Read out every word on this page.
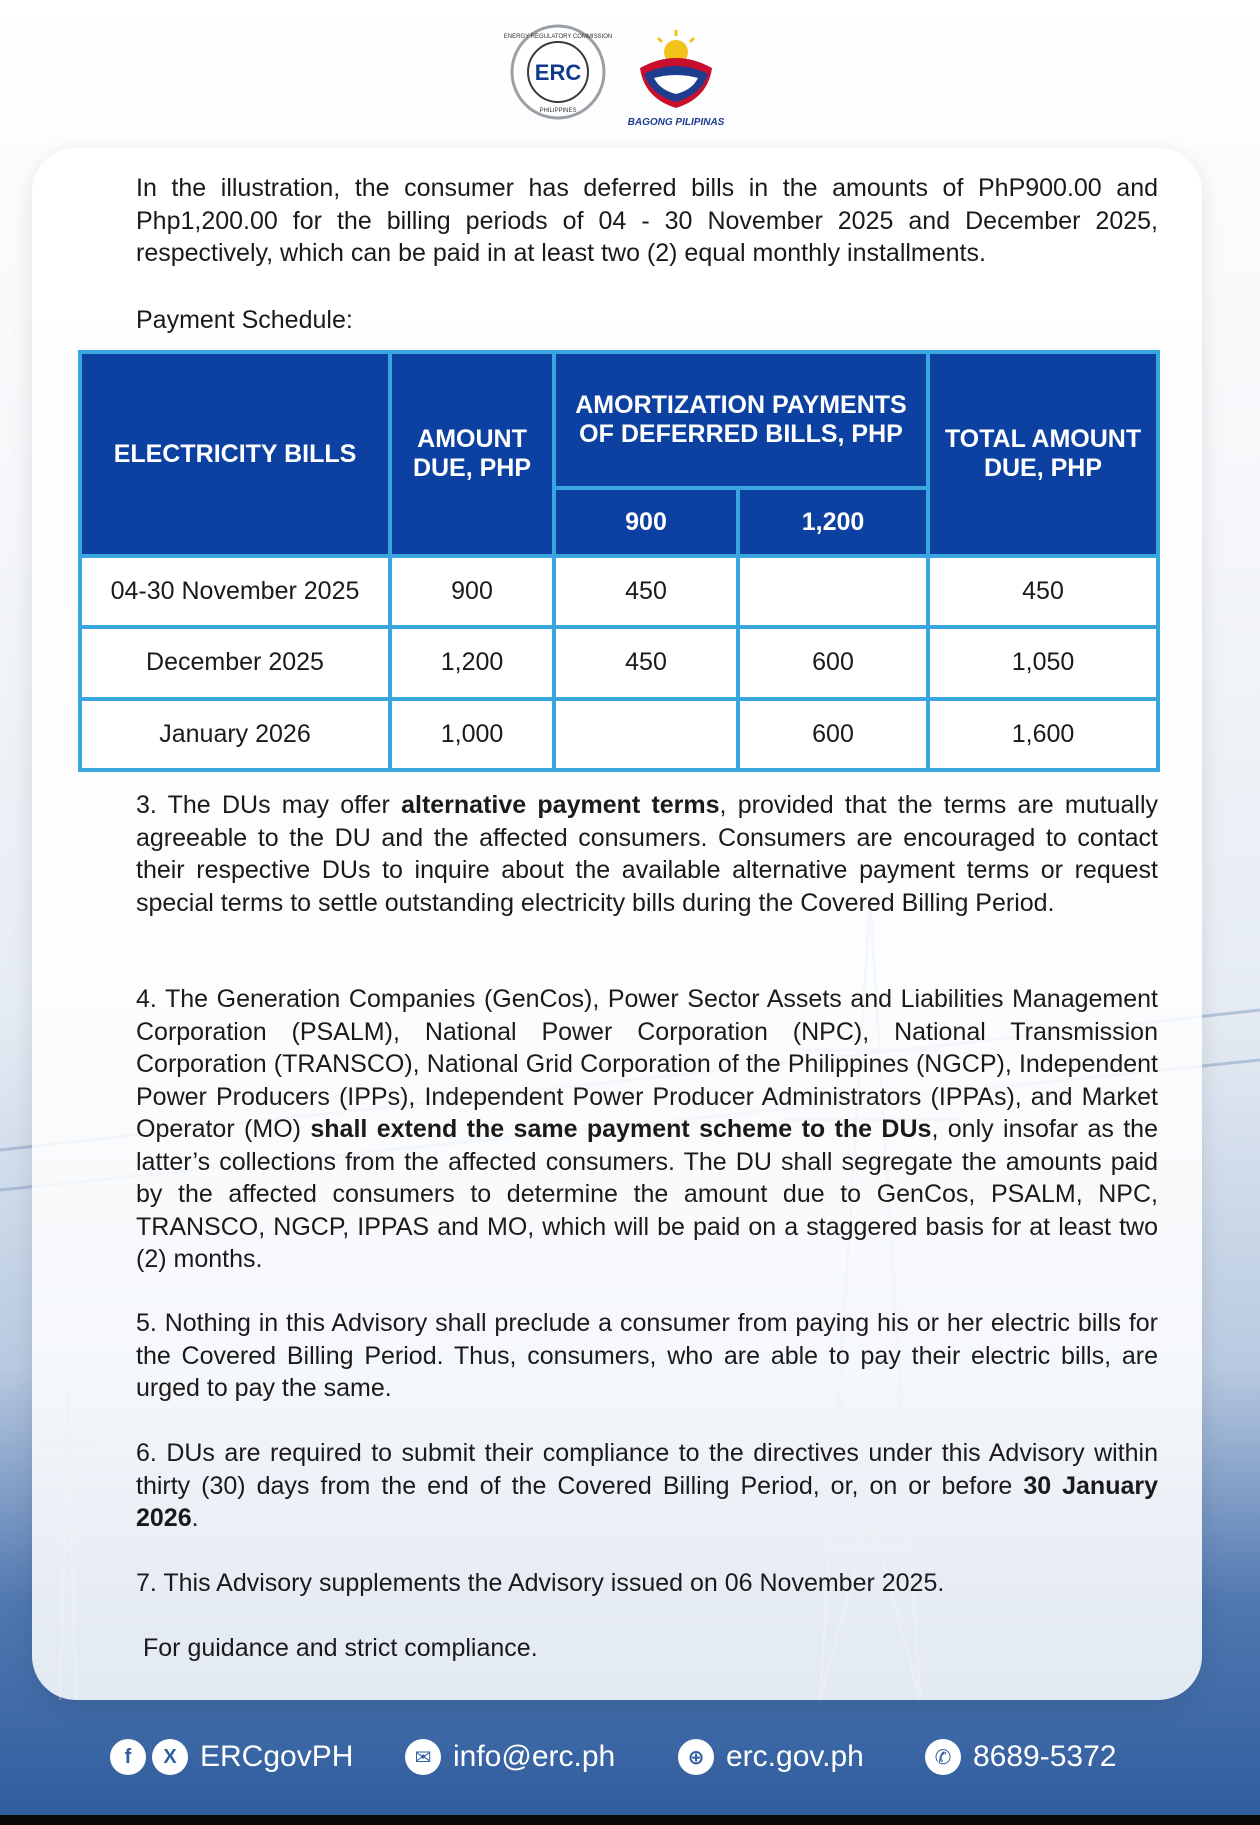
ERC
ENERGY REGULATORY COMMISSION
PHILIPPINES
BAGONG PILIPINAS

In the illustration, the consumer has deferred bills in the amounts of PhP900.00 and Php1,200.00 for the billing periods of 04 - 30 November 2025 and December 2025, respectively, which can be paid in at least two (2) equal monthly installments.

Payment Schedule:

ELECTRICITY BILLS	AMOUNT DUE, PHP	AMORTIZATION PAYMENTS OF DEFERRED BILLS, PHP		TOTAL AMOUNT DUE, PHP
		900	1,200	
04-30 November 2025	900	450		450
December 2025	1,200	450	600	1,050
January 2026	1,000		600	1,600

3. The DUs may offer alternative payment terms, provided that the terms are mutually agreeable to the DU and the affected consumers. Consumers are encouraged to contact their respective DUs to inquire about the available alternative payment terms or request special terms to settle outstanding electricity bills during the Covered Billing Period.

4. The Generation Companies (GenCos), Power Sector Assets and Liabilities Management Corporation (PSALM), National Power Corporation (NPC), National Transmission Corporation (TRANSCO), National Grid Corporation of the Philippines (NGCP), Independent Power Producers (IPPs), Independent Power Producer Administrators (IPPAs), and Market Operator (MO) shall extend the same payment scheme to the DUs, only insofar as the latter’s collections from the affected consumers. The DU shall segregate the amounts paid by the affected consumers to determine the amount due to GenCos, PSALM, NPC, TRANSCO, NGCP, IPPAS and MO, which will be paid on a staggered basis for at least two (2) months.

5. Nothing in this Advisory shall preclude a consumer from paying his or her electric bills for the Covered Billing Period. Thus, consumers, who are able to pay their electric bills, are urged to pay the same.

6. DUs are required to submit their compliance to the directives under this Advisory within thirty (30) days from the end of the Covered Billing Period, or, on or before 30 January 2026.

7. This Advisory supplements the Advisory issued on 06 November 2025.

For guidance and strict compliance.

f	X ERCgovPH	✉ info@erc.ph	⊕ erc.gov.ph	✆ 8689-5372
